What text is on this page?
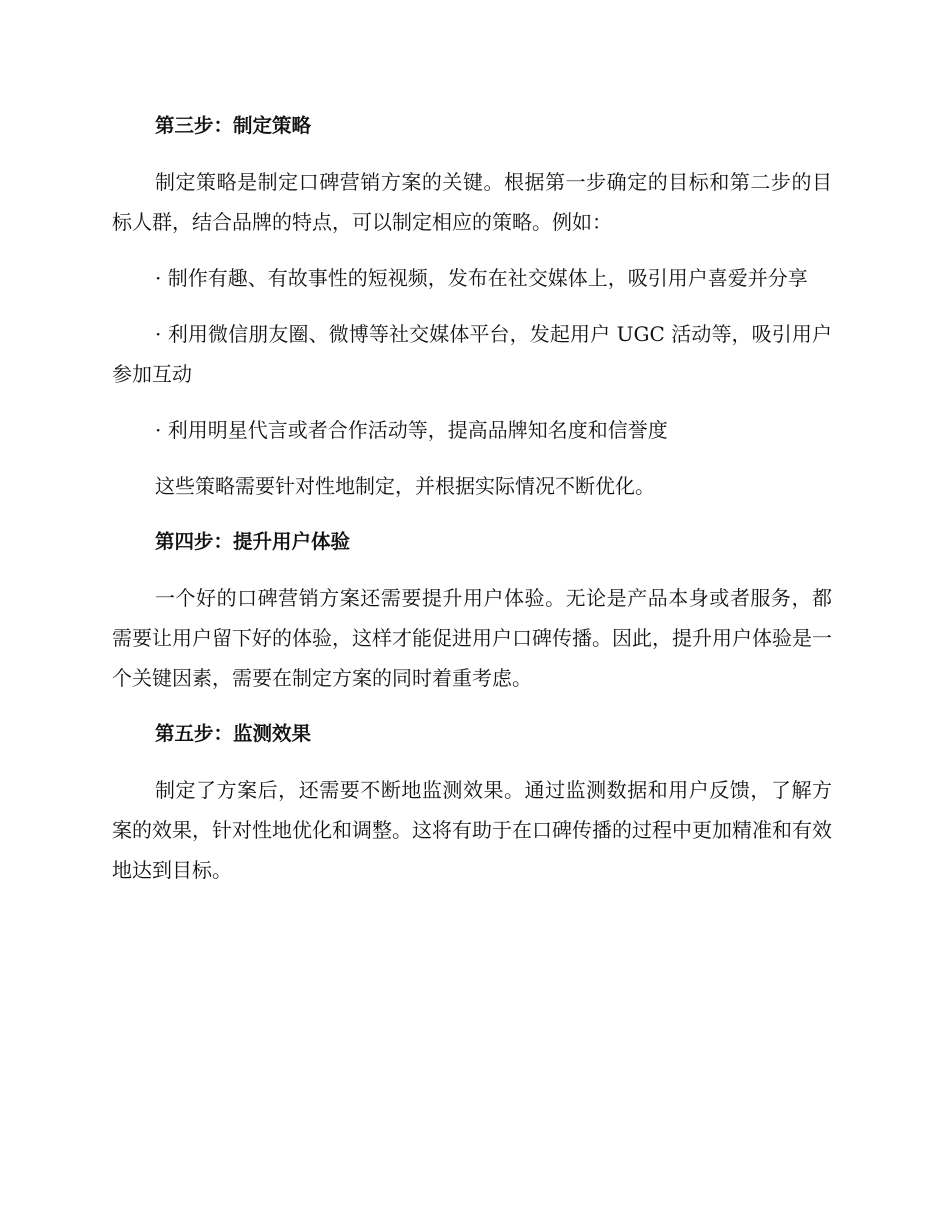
第三步：制定策略

制定策略是制定口碑营销方案的关键。根据第一步确定的目标和第二步的目标人群，结合品牌的特点，可以制定相应的策略。例如：

· 制作有趣、有故事性的短视频，发布在社交媒体上，吸引用户喜爱并分享

· 利用微信朋友圈、微博等社交媒体平台，发起用户 UGC 活动等，吸引用户参加互动

· 利用明星代言或者合作活动等，提高品牌知名度和信誉度

这些策略需要针对性地制定，并根据实际情况不断优化。

第四步：提升用户体验

一个好的口碑营销方案还需要提升用户体验。无论是产品本身或者服务，都需要让用户留下好的体验，这样才能促进用户口碑传播。因此，提升用户体验是一个关键因素，需要在制定方案的同时着重考虑。

第五步：监测效果

制定了方案后，还需要不断地监测效果。通过监测数据和用户反馈，了解方案的效果，针对性地优化和调整。这将有助于在口碑传播的过程中更加精准和有效地达到目标。
